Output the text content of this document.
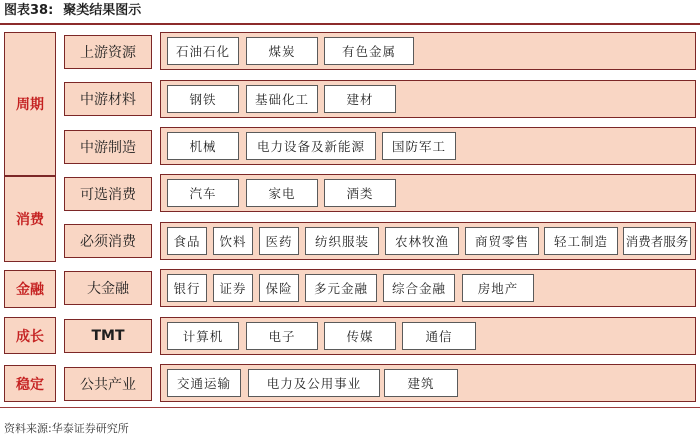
图表38: 聚类结果图示
周期
上游资源	石油石化	煤炭	有色金属
中游材料	钢铁	基础化工	建材
中游制造	机械	电力设备及新能源	国防军工
消费
可选消费	汽车	家电	酒类
必须消费	食品	饮料	医药	纺织服装	农林牧渔	商贸零售	轻工制造	消费者服务
金融	大金融	银行	证券	保险	多元金融	综合金融	房地产
成长	TMT	计算机	电子	传媒	通信
稳定	公共产业	交通运输	电力及公用事业	建筑
资料来源:华泰证券研究所
